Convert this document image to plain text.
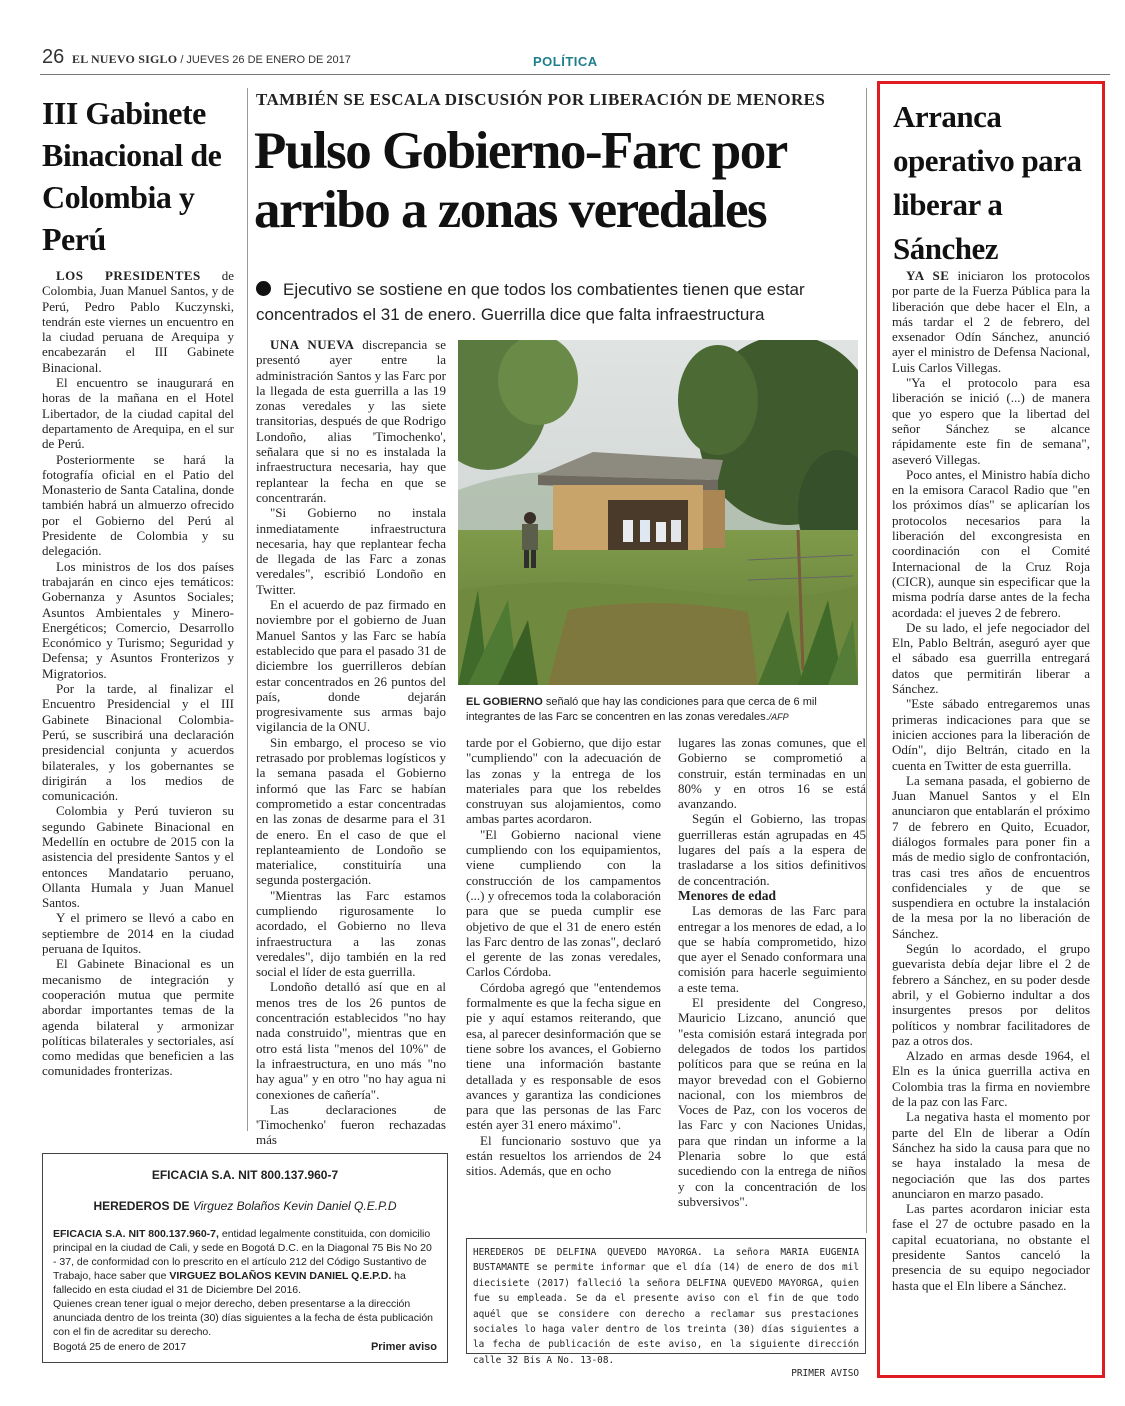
26 EL NUEVO SIGLO / JUEVES 26 DE ENERO DE 2017	POLÍTICA
III Gabinete Binacional de Colombia y Perú

LOS PRESIDENTES de Colombia, Juan Manuel Santos, y de Perú, Pedro Pablo Kuczynski, tendrán este viernes un encuentro en la ciudad peruana de Arequipa y encabezarán el III Gabinete Binacional.

El encuentro se inaugurará en horas de la mañana en el Hotel Libertador, de la ciudad capital del departamento de Arequipa, en el sur de Perú.

Posteriormente se hará la fotografía oficial en el Patio del Monasterio de Santa Catalina, donde también habrá un almuerzo ofrecido por el Gobierno del Perú al Presidente de Colombia y su delegación.

Los ministros de los dos países trabajarán en cinco ejes temáticos: Gobernanza y Asuntos Sociales; Asuntos Ambientales y Minero-Energéticos; Comercio, Desarrollo Económico y Turismo; Seguridad y Defensa; y Asuntos Fronterizos y Migratorios.

Por la tarde, al finalizar el Encuentro Presidencial y el III Gabinete Binacional Colombia-Perú, se suscribirá una declaración presidencial conjunta y acuerdos bilaterales, y los gobernantes se dirigirán a los medios de comunicación.

Colombia y Perú tuvieron su segundo Gabinete Binacional en Medellín en octubre de 2015 con la asistencia del presidente Santos y el entonces Mandatario peruano, Ollanta Humala y Juan Manuel Santos.

Y el primero se llevó a cabo en septiembre de 2014 en la ciudad peruana de Iquitos.

El Gabinete Binacional es un mecanismo de integración y cooperación mutua que permite abordar importantes temas de la agenda bilateral y armonizar políticas bilaterales y sectoriales, así como medidas que beneficien a las comunidades fronterizas.

TAMBIÉN SE ESCALA DISCUSIÓN POR LIBERACIÓN DE MENORES
Pulso Gobierno-Farc por arribo a zonas veredales
Ejecutivo se sostiene en que todos los combatientes tienen que estar concentrados el 31 de enero. Guerrilla dice que falta infraestructura

UNA NUEVA discrepancia se presentó ayer entre la administración Santos y las Farc por la llegada de esta guerrilla a las 19 zonas veredales y las siete transitorias, después de que Rodrigo Londoño, alias 'Timochenko', señalara que si no es instalada la infraestructura necesaria, hay que replantear la fecha en que se concentrarán.

"Si Gobierno no instala inmediatamente infraestructura necesaria, hay que replantear fecha de llegada de las Farc a zonas veredales", escribió Londoño en Twitter.

En el acuerdo de paz firmado en noviembre por el gobierno de Juan Manuel Santos y las Farc se había establecido que para el pasado 31 de diciembre los guerrilleros debían estar concentrados en 26 puntos del país, donde dejarán progresivamente sus armas bajo vigilancia de la ONU.

Sin embargo, el proceso se vio retrasado por problemas logísticos y la semana pasada el Gobierno informó que las Farc se habían comprometido a estar concentradas en las zonas de desarme para el 31 de enero. En el caso de que el replanteamiento de Londoño se materialice, constituiría una segunda postergación.

"Mientras las Farc estamos cumpliendo rigurosamente lo acordado, el Gobierno no lleva infraestructura a las zonas veredales", dijo también en la red social el líder de esta guerrilla.

Londoño detalló así que en al menos tres de los 26 puntos de concentración establecidos "no hay nada construido", mientras que en otro está lista "menos del 10%" de la infraestructura, en uno más "no hay agua" y en otro "no hay agua ni conexiones de cañería".

Las declaraciones de 'Timochenko' fueron rechazadas más

EL GOBIERNO señaló que hay las condiciones para que cerca de 6 mil integrantes de las Farc se concentren en las zonas veredales./AFP

tarde por el Gobierno, que dijo estar "cumpliendo" con la adecuación de las zonas y la entrega de los materiales para que los rebeldes construyan sus alojamientos, como ambas partes acordaron.

"El Gobierno nacional viene cumpliendo con los equipamientos, viene cumpliendo con la construcción de los campamentos (...) y ofrecemos toda la colaboración para que se pueda cumplir ese objetivo de que el 31 de enero estén las Farc dentro de las zonas", declaró el gerente de las zonas veredales, Carlos Córdoba.

Córdoba agregó que "entendemos formalmente es que la fecha sigue en pie y aquí estamos reiterando, que esa, al parecer desinformación que se tiene sobre los avances, el Gobierno tiene una información bastante detallada y es responsable de esos avances y garantiza las condiciones para que las personas de las Farc estén ayer 31 enero máximo".

El funcionario sostuvo que ya están resueltos los arriendos de 24 sitios. Además, que en ocho

lugares las zonas comunes, que el Gobierno se comprometió a construir, están terminadas en un 80% y en otros 16 se está avanzando.

Según el Gobierno, las tropas guerrilleras están agrupadas en 45 lugares del país a la espera de trasladarse a los sitios definitivos de concentración.

Menores de edad

Las demoras de las Farc para entregar a los menores de edad, a lo que se había comprometido, hizo que ayer el Senado conformara una comisión para hacerle seguimiento a este tema.

El presidente del Congreso, Mauricio Lizcano, anunció que "esta comisión estará integrada por delegados de todos los partidos políticos para que se reúna en la mayor brevedad con el Gobierno nacional, con los miembros de Voces de Paz, con los voceros de las Farc y con Naciones Unidas, para que rindan un informe a la Plenaria sobre lo que está sucediendo con la entrega de niños y con la concentración de los subversivos".

Arranca operativo para liberar a Sánchez

YA SE iniciaron los protocolos por parte de la Fuerza Pública para la liberación que debe hacer el Eln, a más tardar el 2 de febrero, del exsenador Odín Sánchez, anunció ayer el ministro de Defensa Nacional, Luis Carlos Villegas.

"Ya el protocolo para esa liberación se inició (...) de manera que yo espero que la libertad del señor Sánchez se alcance rápidamente este fin de semana", aseveró Villegas.

Poco antes, el Ministro había dicho en la emisora Caracol Radio que "en los próximos días" se aplicarían los protocolos necesarios para la liberación del excongresista en coordinación con el Comité Internacional de la Cruz Roja (CICR), aunque sin especificar que la misma podría darse antes de la fecha acordada: el jueves 2 de febrero.

De su lado, el jefe negociador del Eln, Pablo Beltrán, aseguró ayer que el sábado esa guerrilla entregará datos que permitirán liberar a Sánchez.

"Este sábado entregaremos unas primeras indicaciones para que se inicien acciones para la liberación de Odín", dijo Beltrán, citado en la cuenta en Twitter de esta guerrilla.

La semana pasada, el gobierno de Juan Manuel Santos y el Eln anunciaron que entablarán el próximo 7 de febrero en Quito, Ecuador, diálogos formales para poner fin a más de medio siglo de confrontación, tras casi tres años de encuentros confidenciales y de que se suspendiera en octubre la instalación de la mesa por la no liberación de Sánchez.

Según lo acordado, el grupo guevarista debía dejar libre el 2 de febrero a Sánchez, en su poder desde abril, y el Gobierno indultar a dos insurgentes presos por delitos políticos y nombrar facilitadores de paz a otros dos.

Alzado en armas desde 1964, el Eln es la única guerrilla activa en Colombia tras la firma en noviembre de la paz con las Farc.

La negativa hasta el momento por parte del Eln de liberar a Odín Sánchez ha sido la causa para que no se haya instalado la mesa de negociación que las dos partes anunciaron en marzo pasado.

Las partes acordaron iniciar esta fase el 27 de octubre pasado en la capital ecuatoriana, no obstante el presidente Santos canceló la presencia de su equipo negociador hasta que el Eln libere a Sánchez.

EFICACIA S.A. NIT 800.137.960-7
HEREDEROS DE Virguez Bolaños Kevin Daniel Q.E.P.D
EFICACIA S.A. NIT 800.137.960-7, entidad legalmente constituida, con domicilio principal en la ciudad de Cali, y sede en Bogotá D.C. en la Diagonal 75 Bis No 20 - 37, de conformidad con lo prescrito en el artículo 212 del Código Sustantivo de Trabajo, hace saber que VIRGUEZ BOLAÑOS KEVIN DANIEL Q.E.P.D. ha fallecido en esta ciudad el 31 de Diciembre Del 2016.
Quienes crean tener igual o mejor derecho, deben presentarse a la dirección anunciada dentro de los treinta (30) días siguientes a la fecha de ésta publicación con el fin de acreditar su derecho.
Bogotá 25 de enero de 2017	Primer aviso
HEREDEROS DE DELFINA QUEVEDO MAYORGA. La señora MARIA EUGENIA BUSTAMANTE se permite informar que el día (14) de enero de dos mil diecisiete (2017) falleció la señora DELFINA QUEVEDO MAYORGA, quien fue su empleada. Se da el presente aviso con el fin de que todo aquél que se considere con derecho a reclamar sus prestaciones sociales lo haga valer dentro de los treinta (30) días siguientes a la fecha de publicación de este aviso, en la siguiente dirección calle 32 Bis A No. 13-08.
PRIMER AVISO
